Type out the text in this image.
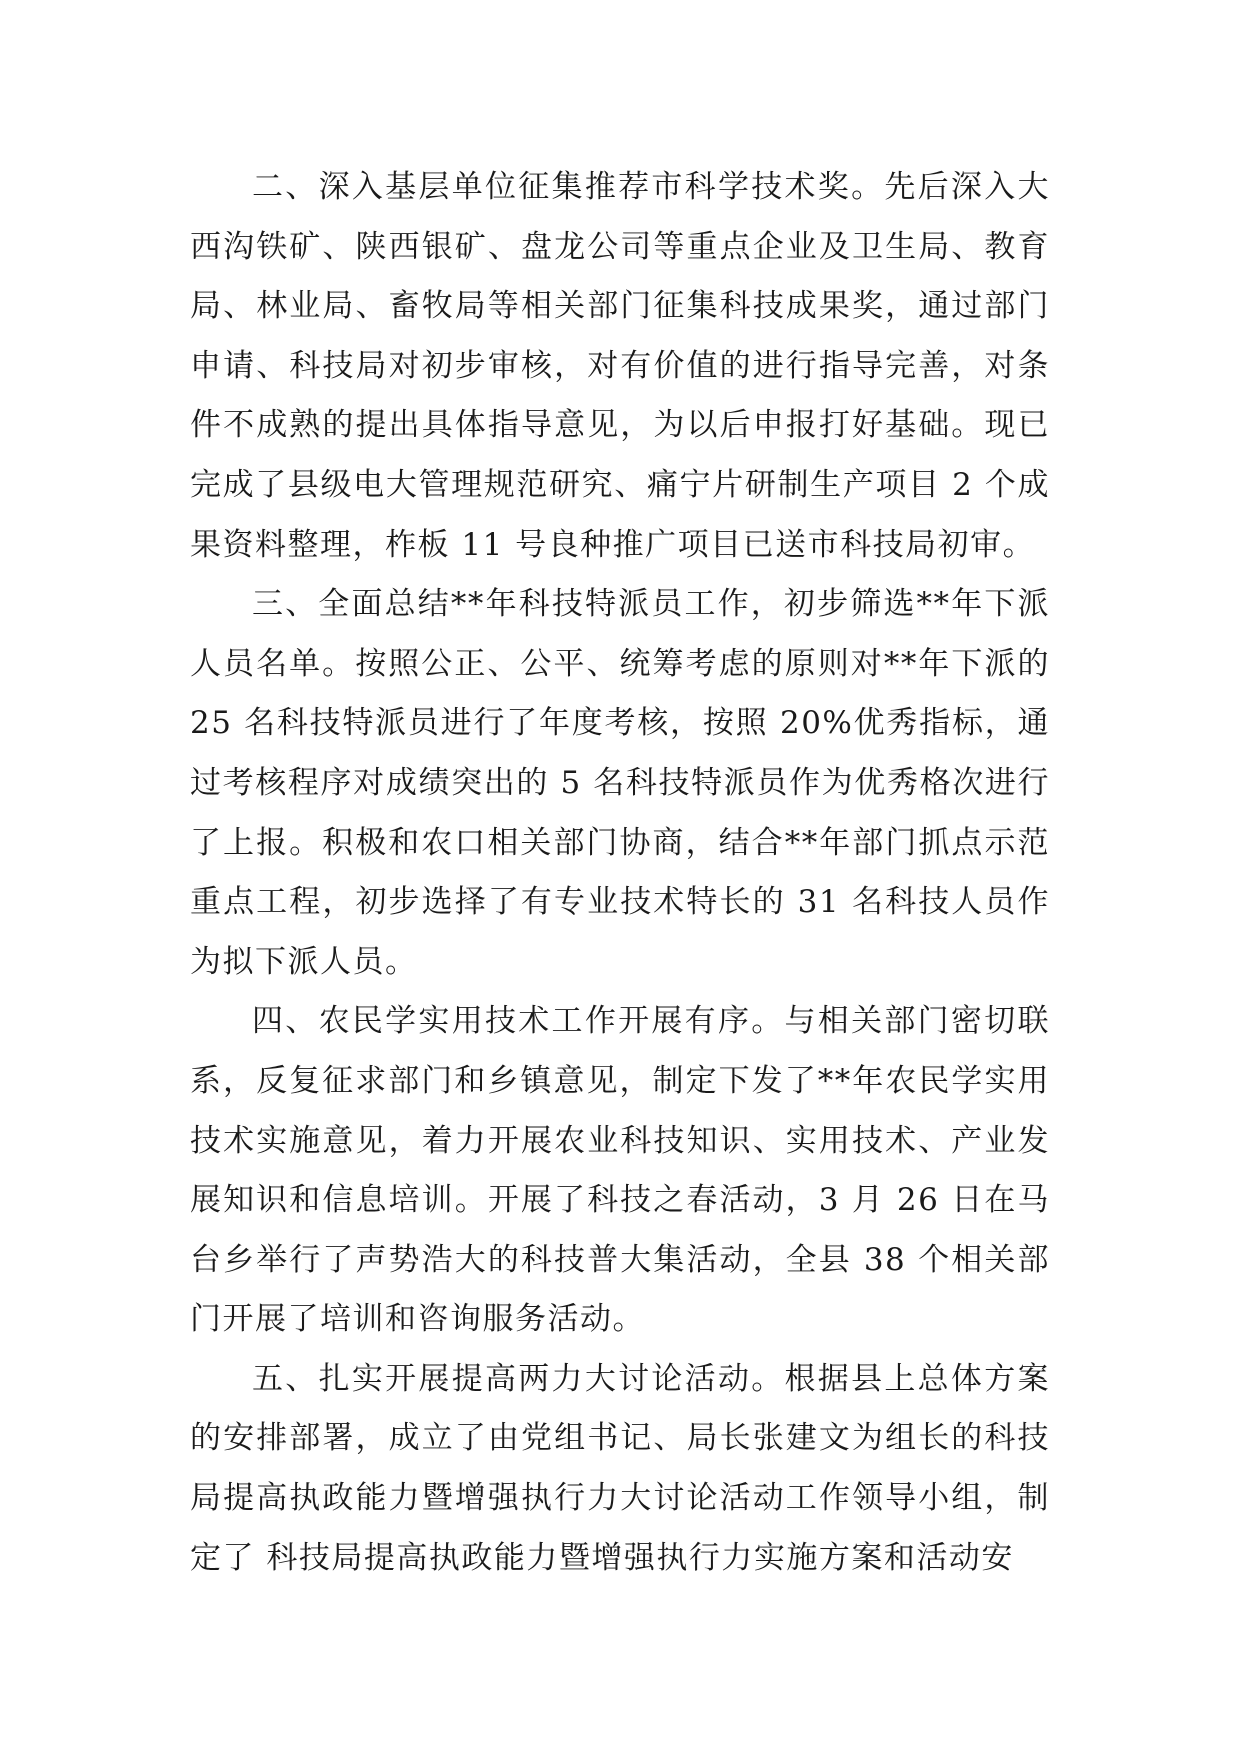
二、深入基层单位征集推荐市科学技术奖。先后深入大西沟铁矿、陕西银矿、盘龙公司等重点企业及卫生局、教育局、林业局、畜牧局等相关部门征集科技成果奖，通过部门申请、科技局对初步审核，对有价值的进行指导完善，对条件不成熟的提出具体指导意见，为以后申报打好基础。现已完成了县级电大管理规范研究、痛宁片研制生产项目 2 个成果资料整理，柞板 11 号良种推广项目已送市科技局初审。

三、全面总结**年科技特派员工作，初步筛选**年下派人员名单。按照公正、公平、统筹考虑的原则对**年下派的 25 名科技特派员进行了年度考核，按照 20%优秀指标，通过考核程序对成绩突出的 5 名科技特派员作为优秀格次进行了上报。积极和农口相关部门协商，结合**年部门抓点示范重点工程，初步选择了有专业技术特长的 31 名科技人员作为拟下派人员。

四、农民学实用技术工作开展有序。与相关部门密切联系，反复征求部门和乡镇意见，制定下发了**年农民学实用技术实施意见，着力开展农业科技知识、实用技术、产业发展知识和信息培训。开展了科技之春活动，3 月 26 日在马台乡举行了声势浩大的科技普大集活动，全县 38 个相关部门开展了培训和咨询服务活动。

五、扎实开展提高两力大讨论活动。根据县上总体方案的安排部署，成立了由党组书记、局长张建文为组长的科技局提高执政能力暨增强执行力大讨论活动工作领导小组，制定了 科技局提高执政能力暨增强执行力实施方案和活动安
